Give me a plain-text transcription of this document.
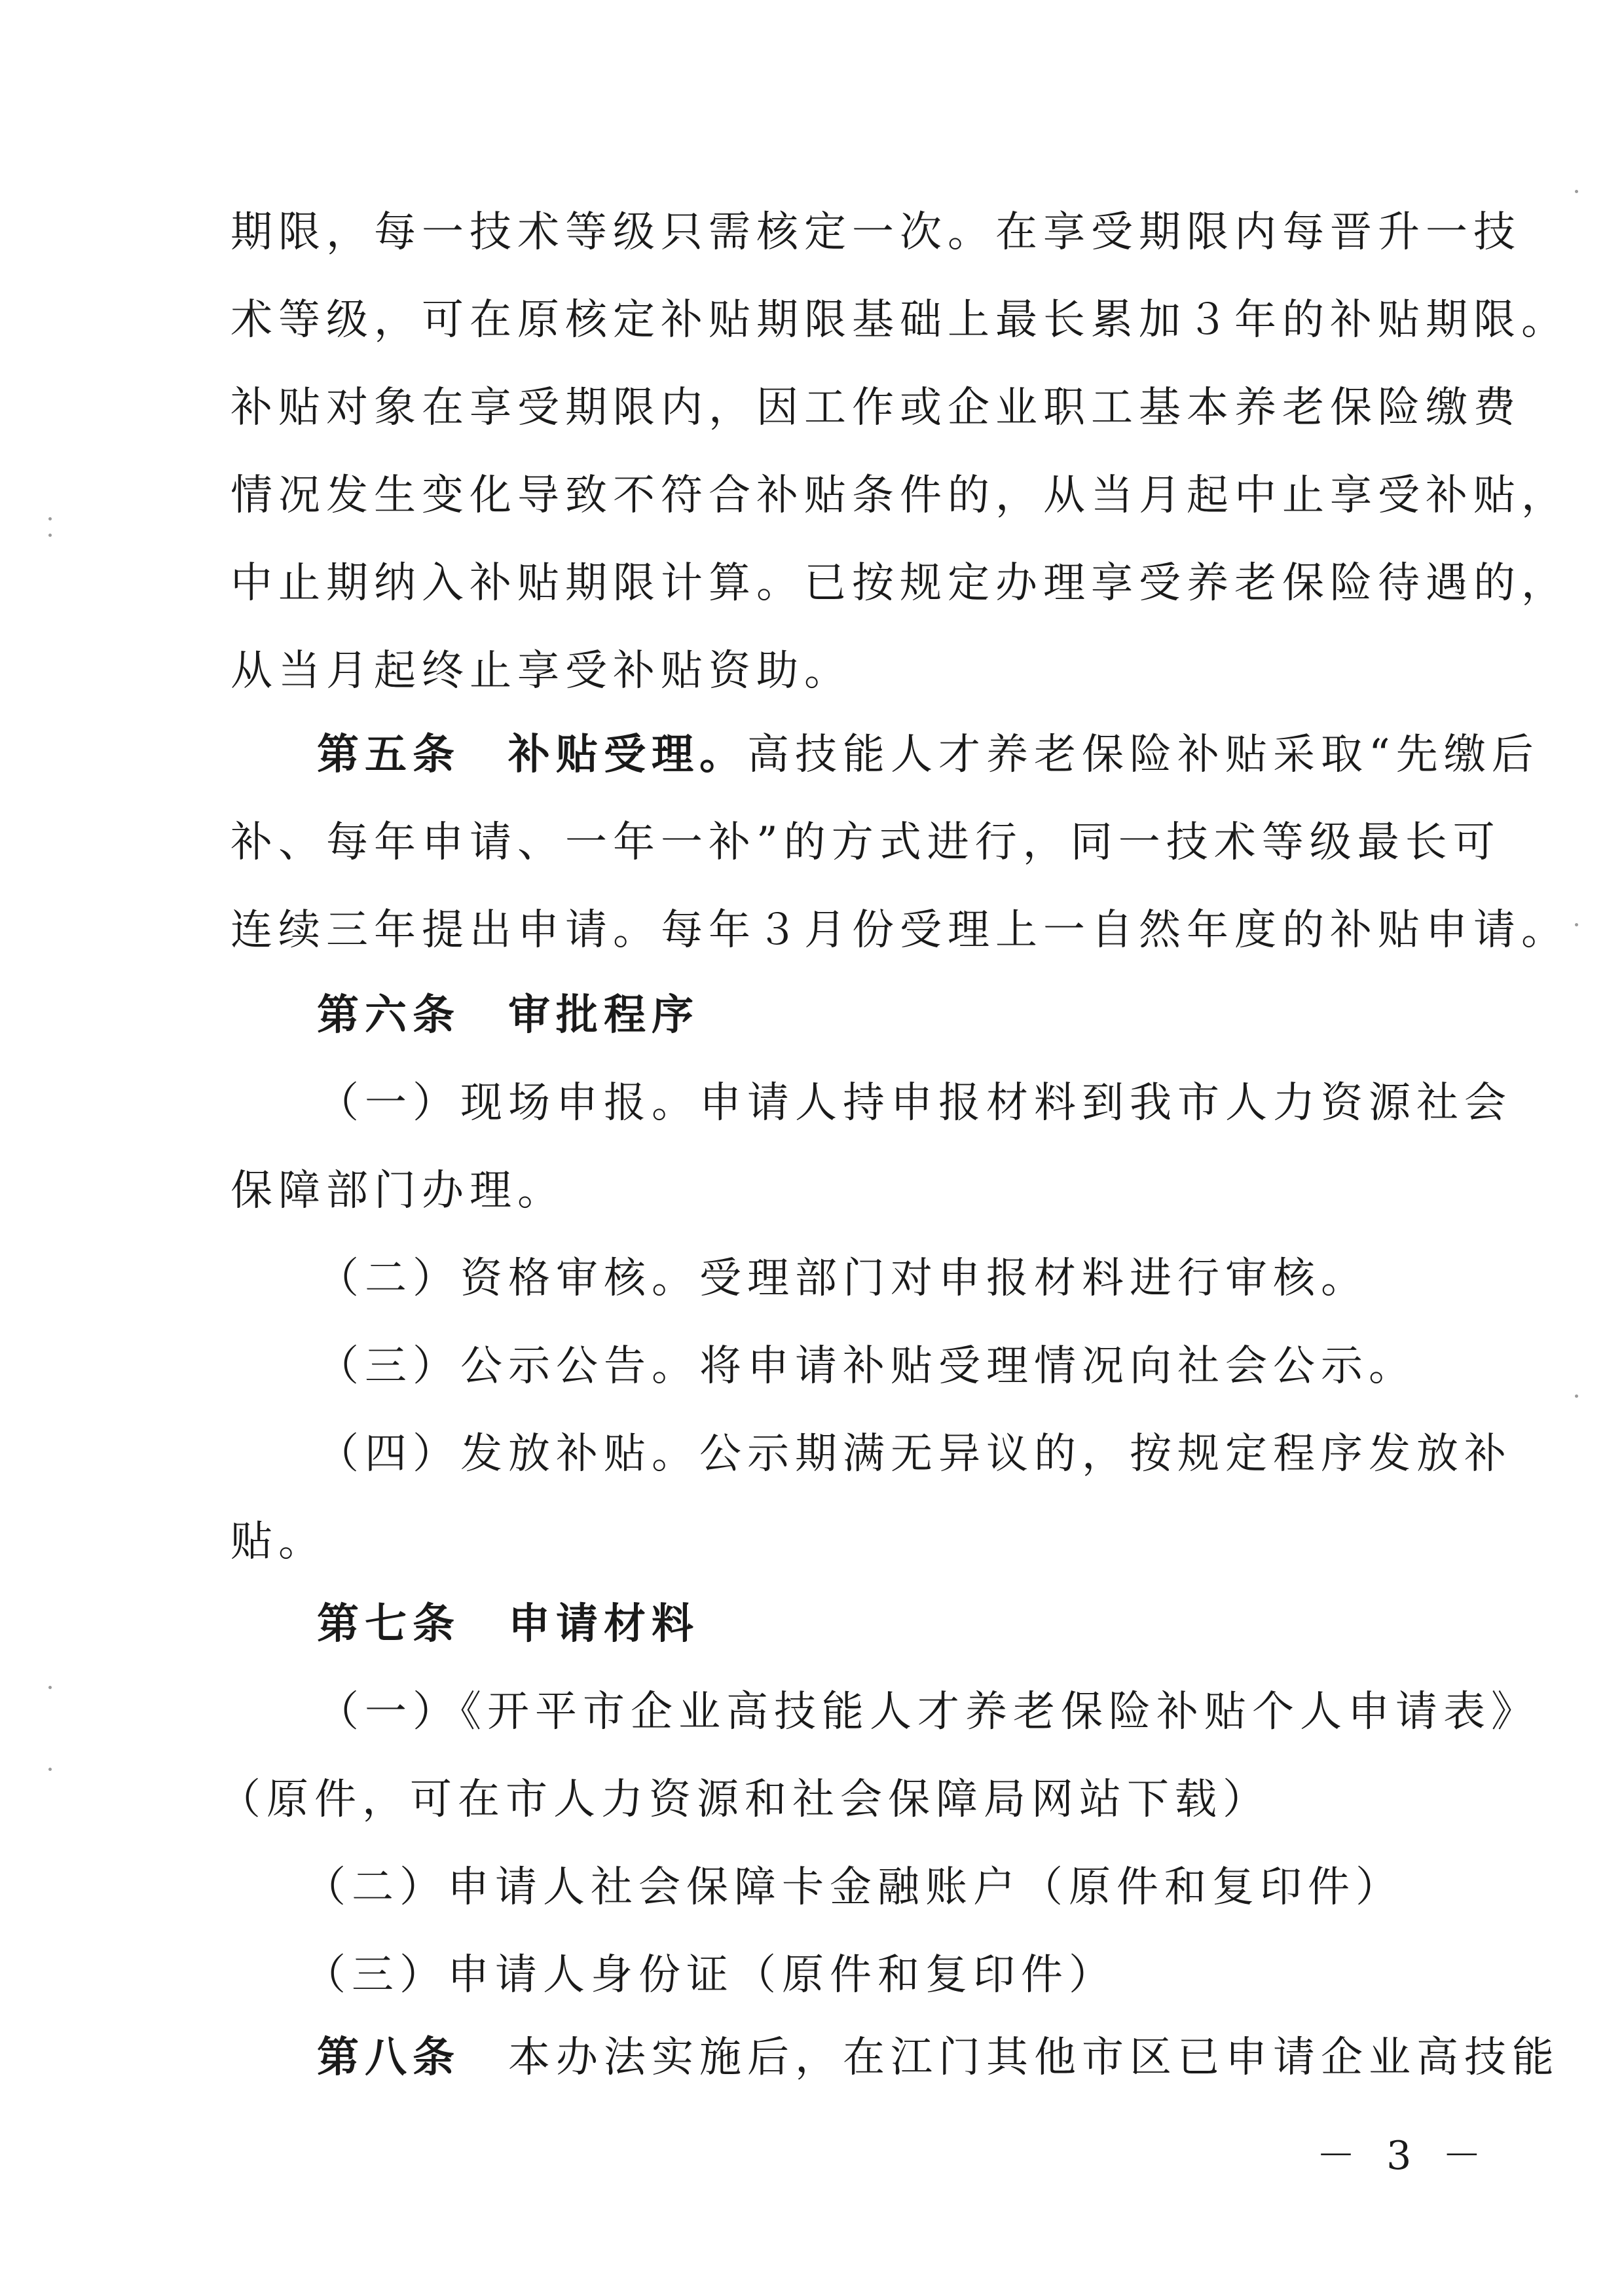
期限，每一技术等级只需核定一次。在享受期限内每晋升一技
术等级，可在原核定补贴期限基础上最长累加３年的补贴期限。
补贴对象在享受期限内，因工作或企业职工基本养老保险缴费
情况发生变化导致不符合补贴条件的，从当月起中止享受补贴，
中止期纳入补贴期限计算。已按规定办理享受养老保险待遇的，
从当月起终止享受补贴资助。
第五条　补贴受理。高技能人才养老保险补贴采取“先缴后
补、每年申请、一年一补”的方式进行，同一技术等级最长可
连续三年提出申请。每年３月份受理上一自然年度的补贴申请。
第六条　审批程序
（一）现场申报。申请人持申报材料到我市人力资源社会
保障部门办理。
（二）资格审核。受理部门对申报材料进行审核。
（三）公示公告。将申请补贴受理情况向社会公示。
（四）发放补贴。公示期满无异议的，按规定程序发放补
贴。
第七条　申请材料
（一）《开平市企业高技能人才养老保险补贴个人申请表》
（原件，可在市人力资源和社会保障局网站下载）
（二）申请人社会保障卡金融账户（原件和复印件）
（三）申请人身份证（原件和复印件）
第八条　本办法实施后，在江门其他市区已申请企业高技能
－ 3 －
